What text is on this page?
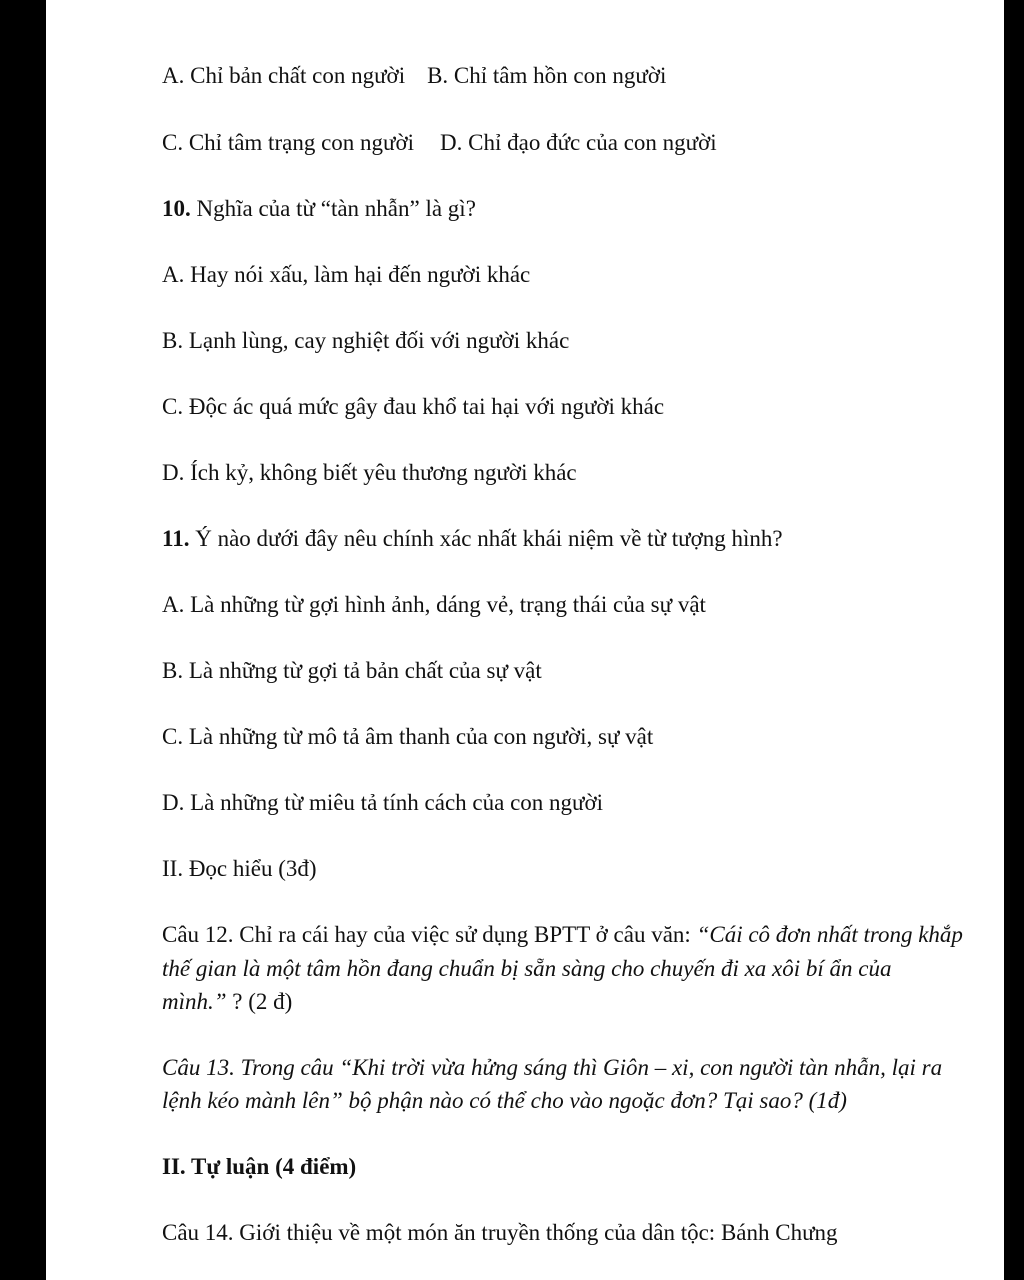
A. Chỉ bản chất con người B. Chỉ tâm hồn con người
C. Chỉ tâm trạng con người D. Chỉ đạo đức của con người
10. Nghĩa của từ “tàn nhẫn” là gì?
A. Hay nói xấu, làm hại đến người khác
B. Lạnh lùng, cay nghiệt đối với người khác
C. Độc ác quá mức gây đau khổ tai hại với người khác
D. Ích kỷ, không biết yêu thương người khác
11. Ý nào dưới đây nêu chính xác nhất khái niệm về từ tượng hình?
A. Là những từ gợi hình ảnh, dáng vẻ, trạng thái của sự vật
B. Là những từ gợi tả bản chất của sự vật
C. Là những từ mô tả âm thanh của con người, sự vật
D. Là những từ miêu tả tính cách của con người
II. Đọc hiểu (3đ)
Câu 12. Chỉ ra cái hay của việc sử dụng BPTT ở câu văn: “Cái cô đơn nhất trong khắp
thế gian là một tâm hồn đang chuẩn bị sẵn sàng cho chuyến đi xa xôi bí ẩn của
mình.” ? (2 đ)
Câu 13. Trong câu “Khi trời vừa hửng sáng thì Giôn – xi, con người tàn nhẫn, lại ra
lệnh kéo mành lên” bộ phận nào có thể cho vào ngoặc đơn? Tại sao? (1đ)
II. Tự luận (4 điểm)
Câu 14. Giới thiệu về một món ăn truyền thống của dân tộc: Bánh Chưng
